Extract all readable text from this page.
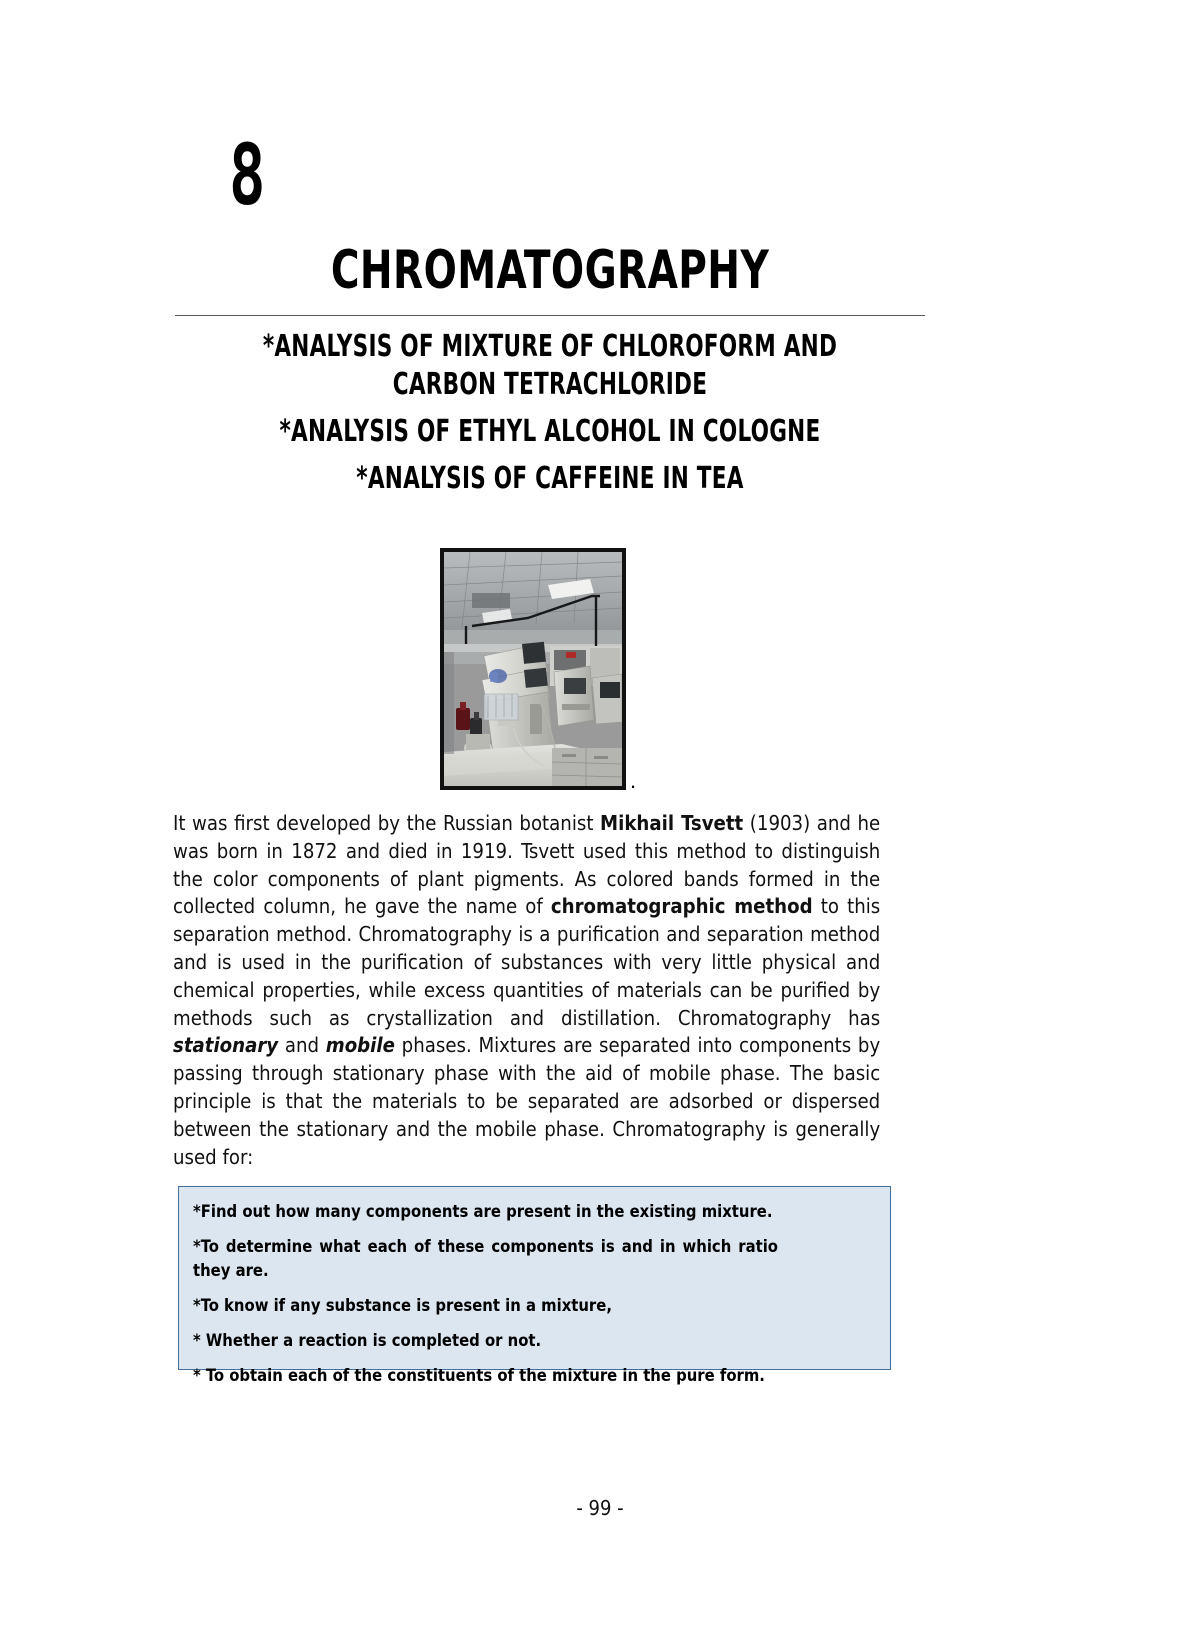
8
CHROMATOGRAPHY
*ANALYSIS OF MIXTURE OF CHLOROFORM AND CARBON TETRACHLORIDE
*ANALYSIS OF ETHYL ALCOHOL IN COLOGNE
*ANALYSIS OF CAFFEINE IN TEA
.
It was first developed by the Russian botanist Mikhail Tsvett (1903) and he was born in 1872 and died in 1919. Tsvett used this method to distinguish the color components of plant pigments. As colored bands formed in the collected column, he gave the name of chromatographic method to this separation method. Chromatography is a purification and separation method and is used in the purification of substances with very little physical and chemical properties, while excess quantities of materials can be purified by methods such as crystallization and distillation. Chromatography has stationary and mobile phases. Mixtures are separated into components by passing through stationary phase with the aid of mobile phase. The basic principle is that the materials to be separated are adsorbed or dispersed between the stationary and the mobile phase. Chromatography is generally used for:
*Find out how many components are present in the existing mixture.
*To determine what each of these components is and in which ratio they are.
*To know if any substance is present in a mixture,
* Whether a reaction is completed or not.
* To obtain each of the constituents of the mixture in the pure form.
- 99 -
